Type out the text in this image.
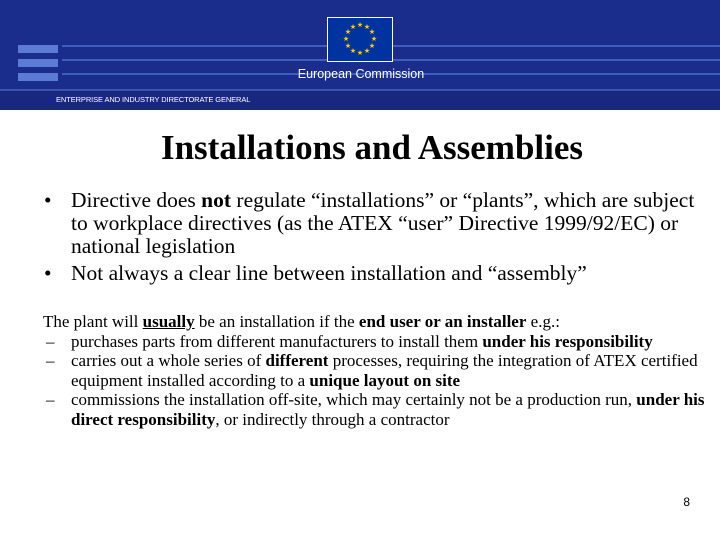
★ ★
★
★
★
★
★
★
★
★
★
★
European Commission
ENTERPRISE AND INDUSTRY DIRECTORATE GENERAL
Installations and Assemblies
• Directive does not regulate “installations” or “plants”, which are subject to workplace directives (as the ATEX “user” Directive 1999/92/EC) or national legislation
• Not always a clear line between installation and “assembly”
The plant will usually be an installation if the end user or an installer e.g.:
– purchases parts from different manufacturers to install them under his responsibility
– carries out a whole series of different processes, requiring the integration of ATEX certified equipment installed according to a unique layout on site
– commissions the installation off-site, which may certainly not be a production run, under his direct responsibility, or indirectly through a contractor
8
